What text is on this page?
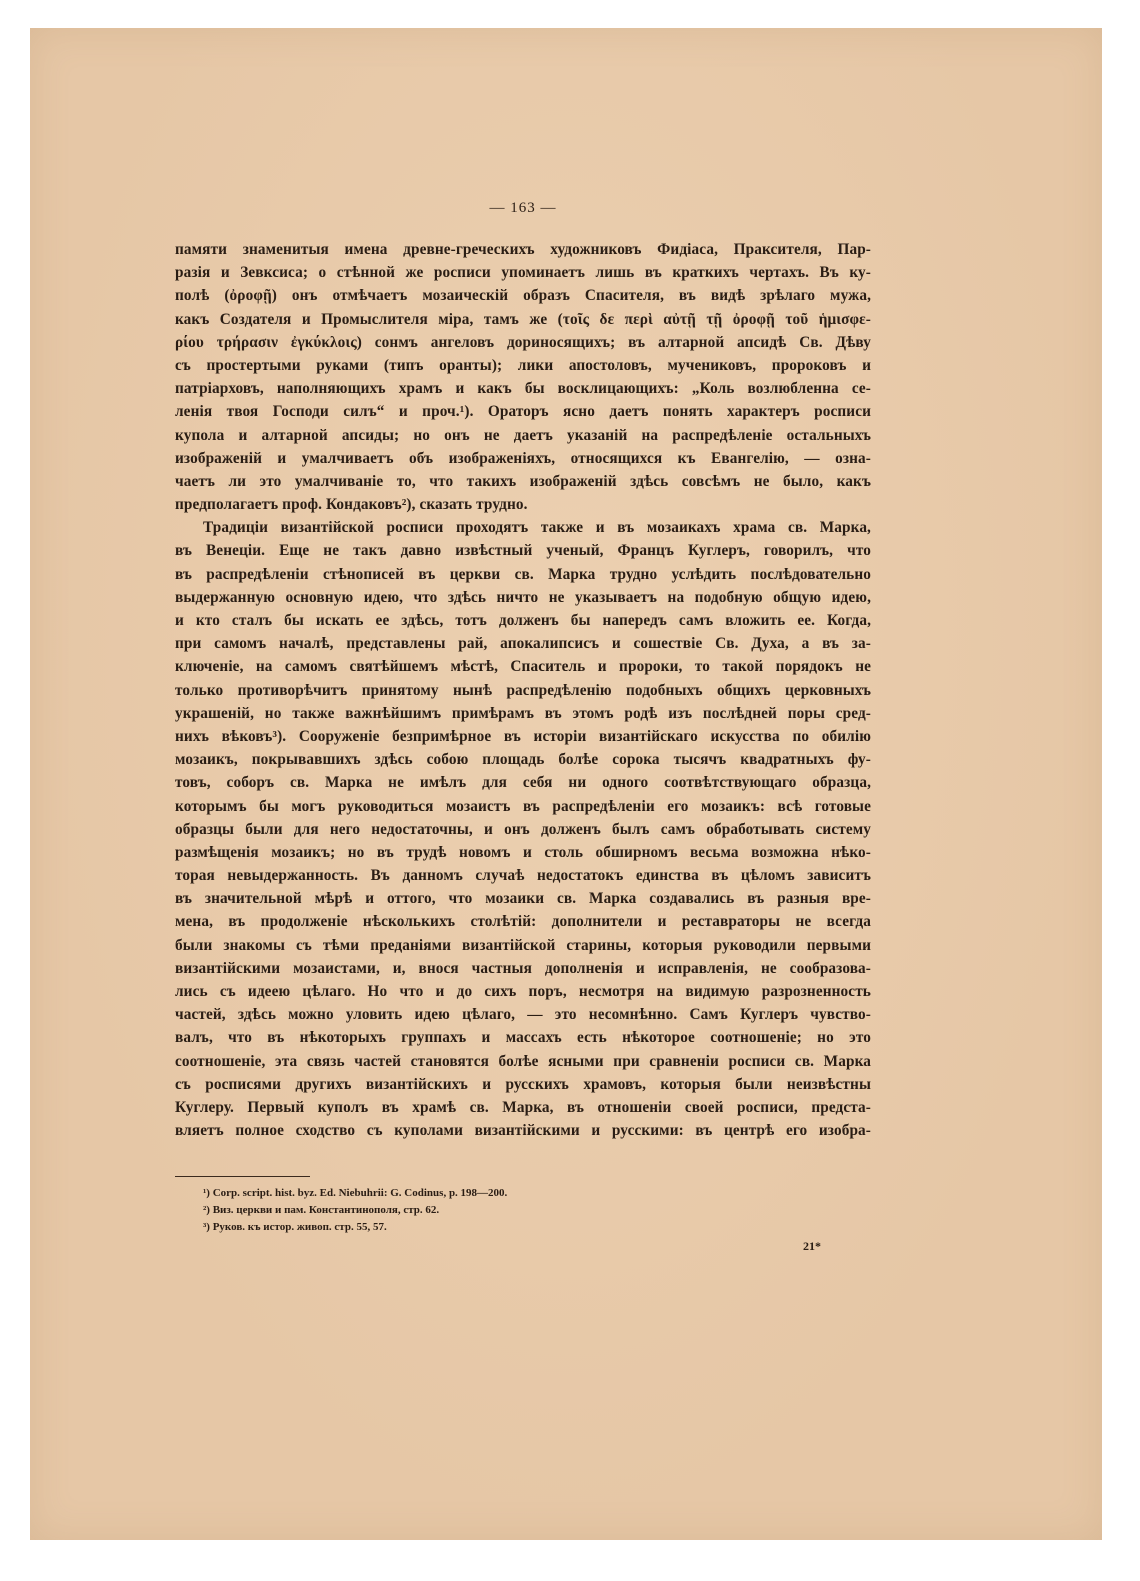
— 163 —
памяти знаменитыя имена древне-греческихъ художниковъ Фидiаса, Праксителя, Пар-
разiя и Зевксиса; о стѣнной же росписи упоминаетъ лишь въ краткихъ чертахъ. Въ ку-
полѣ (ὀροφῇ) онъ отмѣчаетъ мозаическiй образъ Спасителя, въ видѣ зрѣлаго мужа,
какъ Создателя и Промыслителя мiра, тамъ же (τοῖς δε περὶ αὐτῇ τῇ ὀροφῇ τοῦ ἡμισφε-
ρίου τρήρασιν ἐγκύκλοις) сонмъ ангеловъ дориносящихъ; въ алтарной апсидѣ Св. Дѣву
съ простертыми руками (типъ оранты); лики апостоловъ, мучениковъ, пророковъ и
патрiарховъ, наполняющихъ храмъ и какъ бы восклицающихъ: „Коль возлюбленна се-
ленiя твоя Господи силъ“ и проч.¹). Ораторъ ясно даетъ понять характеръ росписи
купола и алтарной апсиды; но онъ не даетъ указанiй на распредѣленiе остальныхъ
изображенiй и умалчиваетъ объ изображенiяхъ, относящихся къ Евангелiю, — озна-
чаетъ ли это умалчиванiе то, что такихъ изображенiй здѣсь совсѣмъ не было, какъ
предполагаетъ проф. Кондаковъ²), сказать трудно.
Традицiи византiйской росписи проходятъ также и въ мозаикахъ храма св. Марка,
въ Венецiи. Еще не такъ давно извѣстный ученый, Францъ Куглеръ, говорилъ, что
въ распредѣленiи стѣнописей въ церкви св. Марка трудно услѣдить послѣдовательно
выдержанную основную идею, что здѣсь ничто не указываетъ на подобную общую идею,
и кто сталъ бы искать ее здѣсь, тотъ долженъ бы напередъ самъ вложить ее. Когда,
при самомъ началѣ, представлены рай, апокалипсисъ и сошествiе Св. Духа, а въ за-
ключенiе, на самомъ святѣйшемъ мѣстѣ, Спаситель и пророки, то такой порядокъ не
только противорѣчитъ принятому нынѣ распредѣленiю подобныхъ общихъ церковныхъ
украшенiй, но также важнѣйшимъ примѣрамъ въ этомъ родѣ изъ послѣдней поры сред-
нихъ вѣковъ³). Сооруженiе безпримѣрное въ исторiи византiйскаго искусства по обилiю
мозаикъ, покрывавшихъ здѣсь собою площадь болѣе сорока тысячъ квадратныхъ фу-
товъ, соборъ св. Марка не имѣлъ для себя ни одного соотвѣтствующаго образца,
которымъ бы могъ руководиться мозаистъ въ распредѣленiи его мозаикъ: всѣ готовые
образцы были для него недостаточны, и онъ долженъ былъ самъ обработывать систему
размѣщенiя мозаикъ; но въ трудѣ новомъ и столь обширномъ весьма возможна нѣко-
торая невыдержанность. Въ данномъ случаѣ недостатокъ единства въ цѣломъ зависитъ
въ значительной мѣрѣ и оттого, что мозаики св. Марка создавались въ разныя вре-
мена, въ продолженiе нѣсколькихъ столѣтiй: дополнители и реставраторы не всегда
были знакомы съ тѣми преданiями византiйской старины, которыя руководили первыми
византiйскими мозаистами, и, внося частныя дополненiя и исправленiя, не сообразова-
лись съ идеею цѣлаго. Но что и до сихъ поръ, несмотря на видимую разрозненность
частей, здѣсь можно уловить идею цѣлаго, — это несомнѣнно. Самъ Куглеръ чувство-
валъ, что въ нѣкоторыхъ группахъ и массахъ есть нѣкоторое соотношенiе; но это
соотношенiе, эта связь частей становятся болѣе ясными при сравненiи росписи св. Марка
съ росписями другихъ византiйскихъ и русскихъ храмовъ, которыя были неизвѣстны
Куглеру. Первый куполъ въ храмѣ св. Марка, въ отношенiи своей росписи, предста-
вляетъ полное сходство съ куполами византiйскими и русскими: въ центрѣ его изобра-
¹) Corp. script. hist. byz. Ed. Niebuhrii: G. Codinus, p. 198—200.
²) Виз. церкви и пам. Константинополя, стр. 62.
³) Руков. къ истор. живоп. стр. 55, 57.
21*
